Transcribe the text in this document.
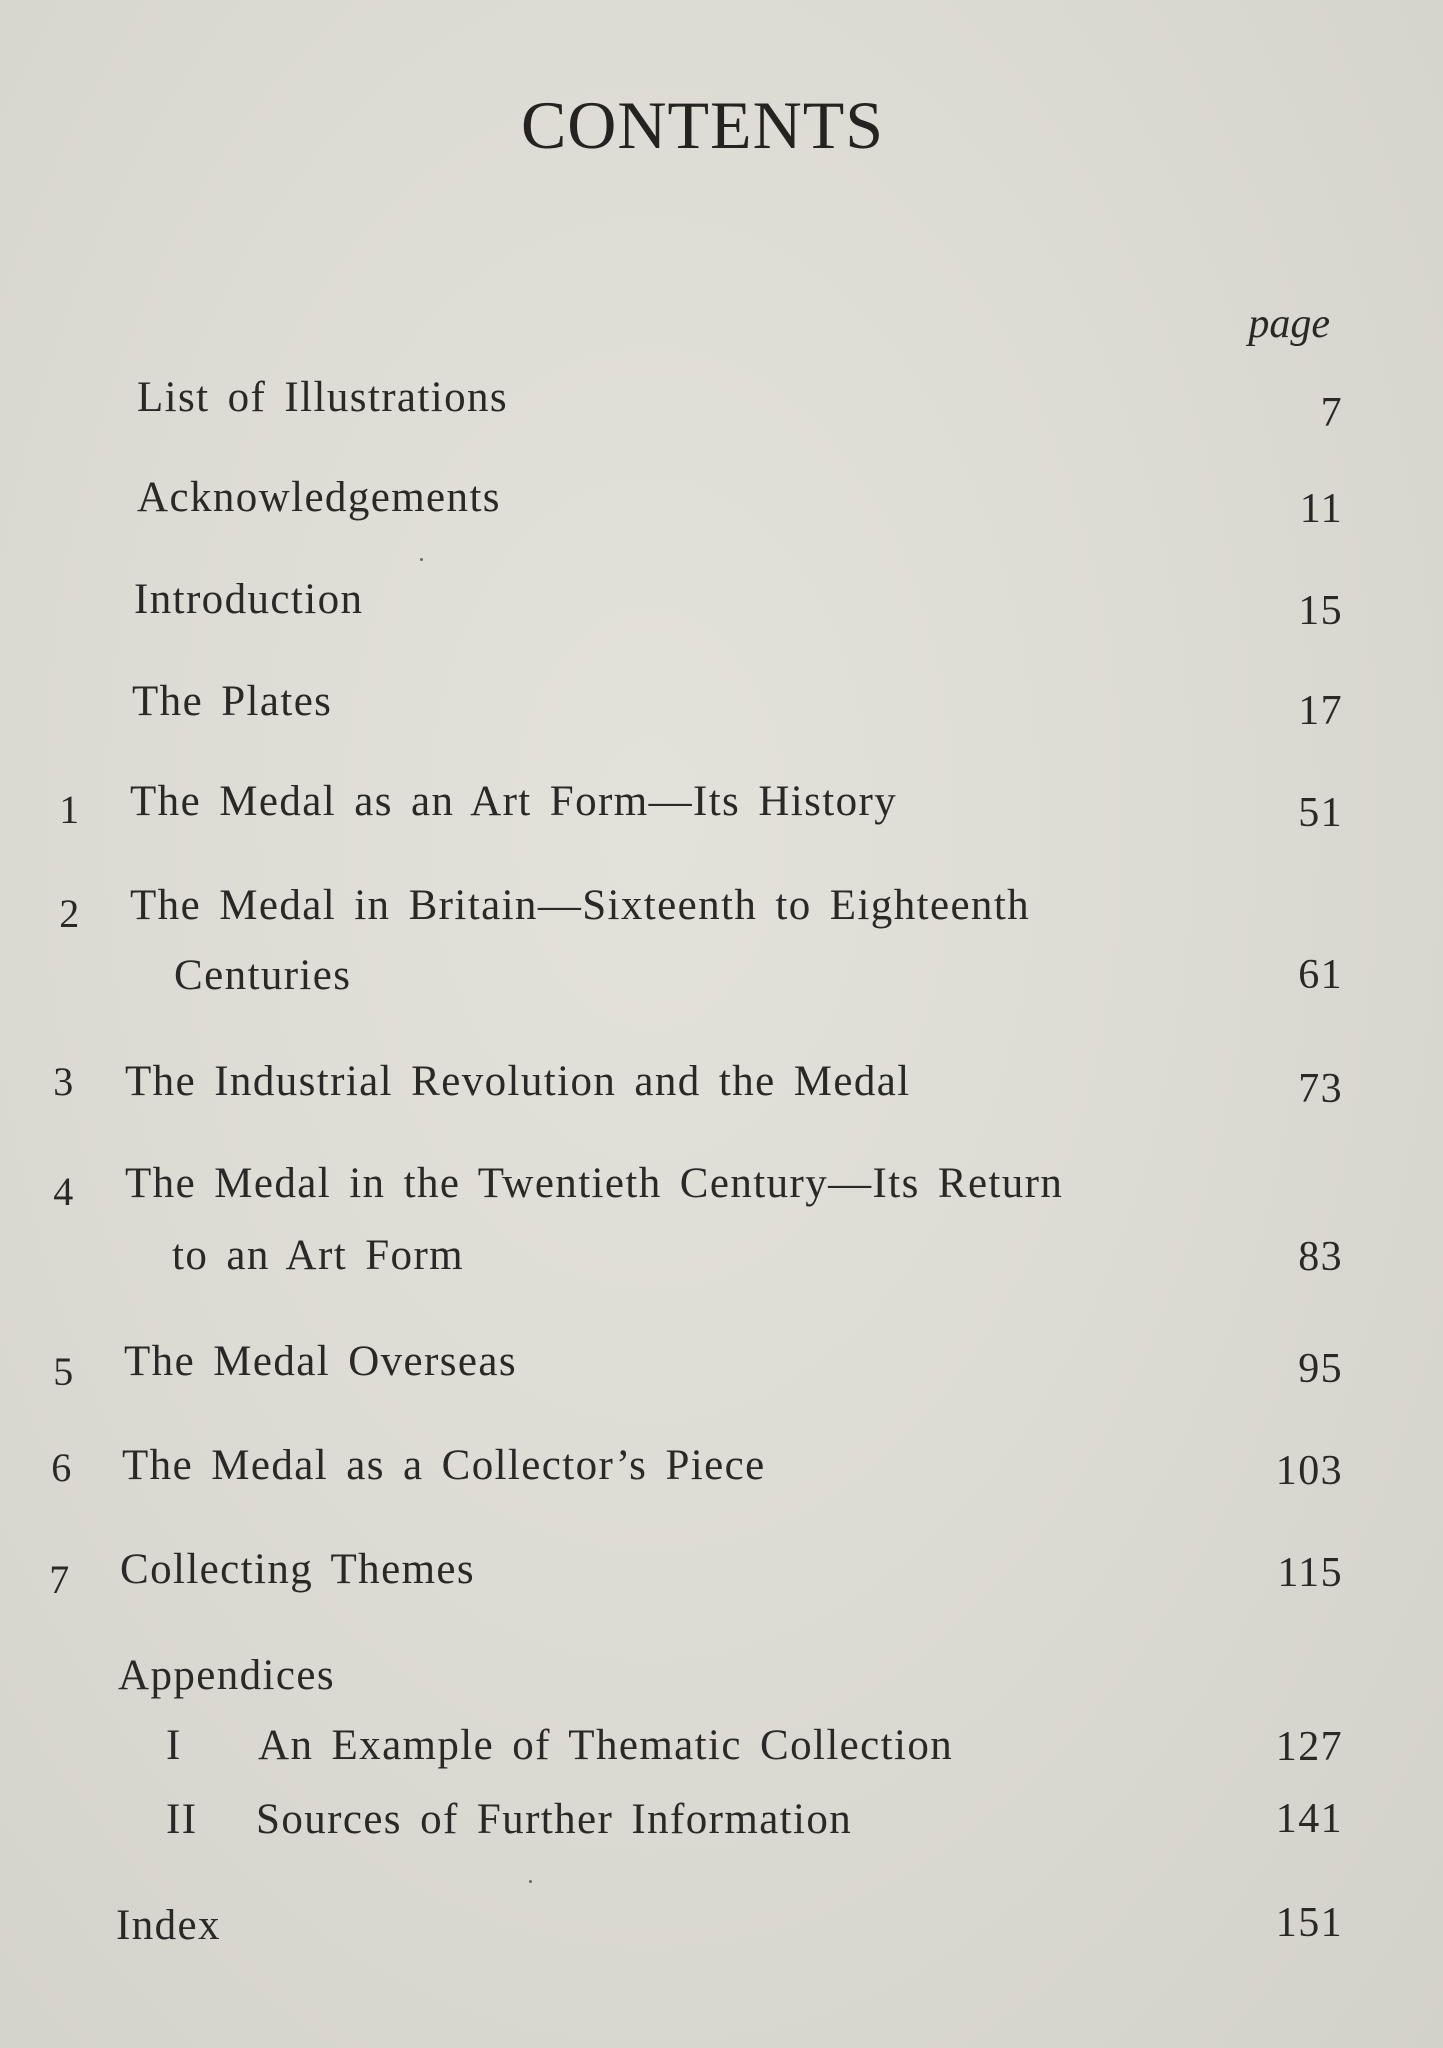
CONTENTS
page
List of Illustrations	7
Acknowledgements	11
Introduction	15
The Plates	17
1 The Medal as an Art Form—Its History	51
2 The Medal in Britain—Sixteenth to Eighteenth
Centuries	61
3 The Industrial Revolution and the Medal	73
4 The Medal in the Twentieth Century—Its Return
to an Art Form	83
5 The Medal Overseas	95
6 The Medal as a Collector’s Piece	103
7 Collecting Themes	115
Appendices
I An Example of Thematic Collection	127
II Sources of Further Information	141
Index	151
